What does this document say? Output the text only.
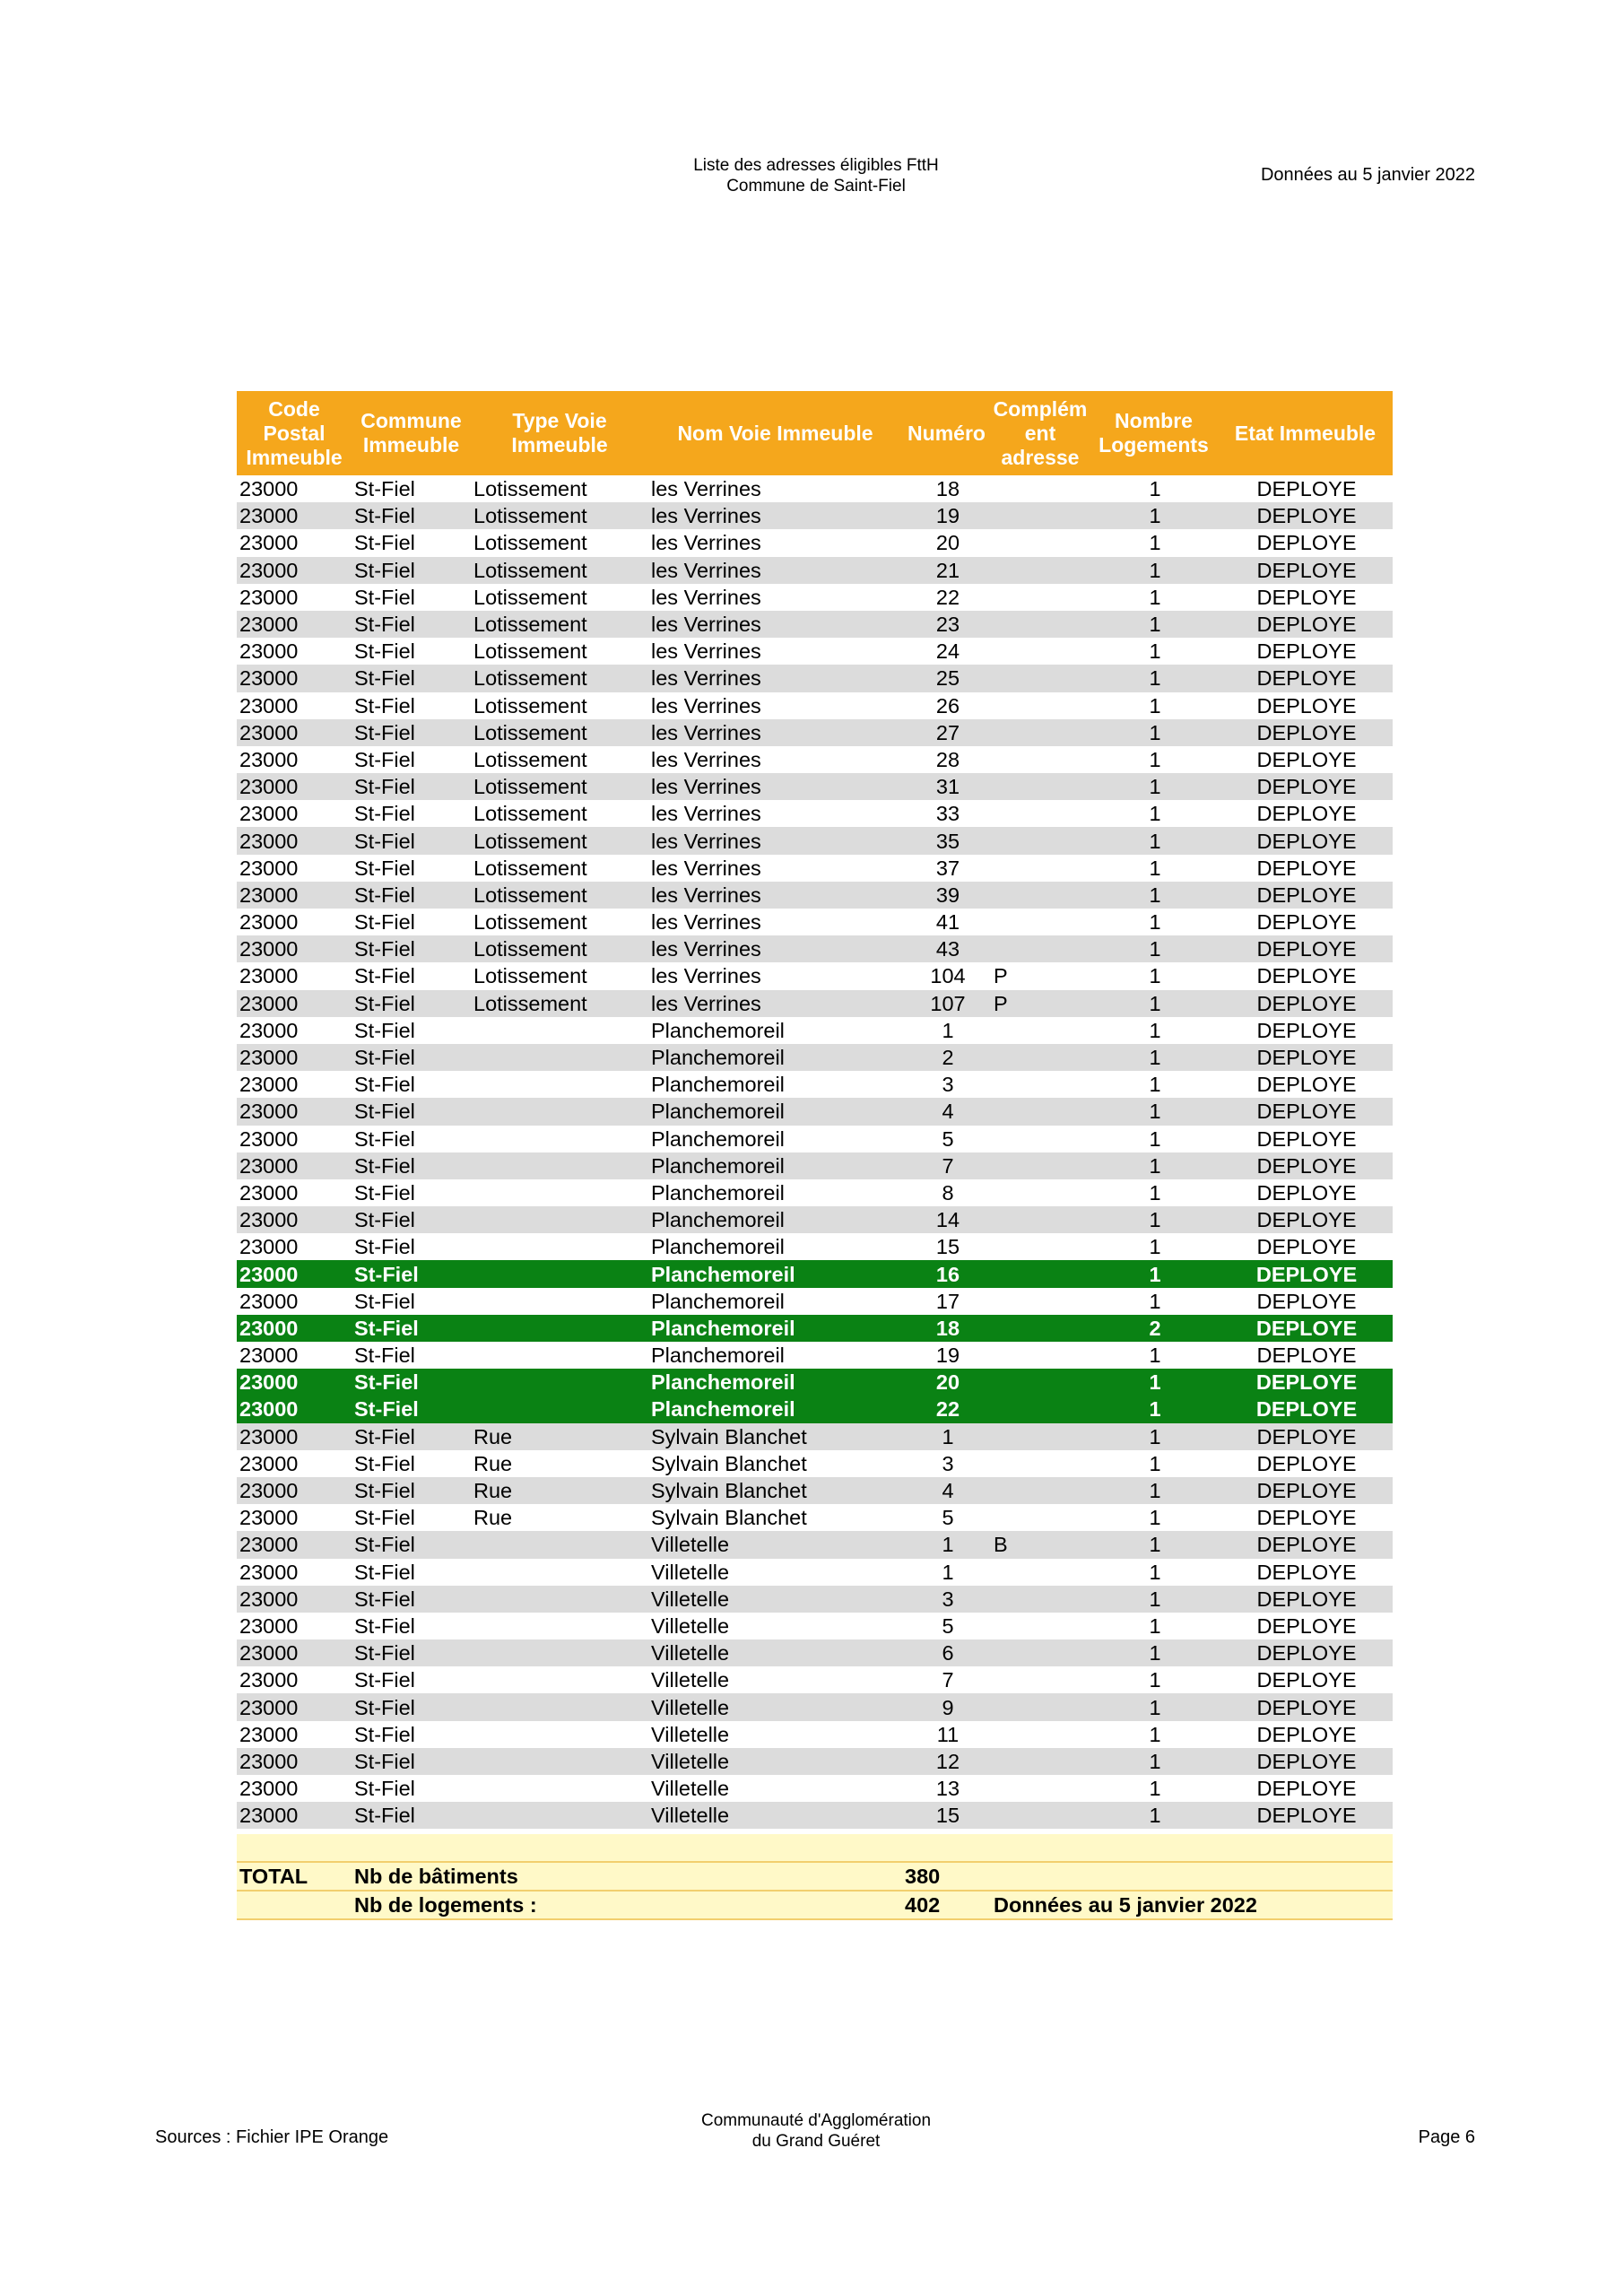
Liste des adresses éligibles FttH
Commune de Saint-Fiel
Données au 5 janvier 2022
Code Postal Immeuble	Commune Immeuble	Type Voie Immeuble	Nom Voie Immeuble	Numéro	Complém ent adresse	Nombre Logements	Etat Immeuble
23000	St-Fiel	Lotissement	les Verrines	18		1	DEPLOYE
23000	St-Fiel	Lotissement	les Verrines	19		1	DEPLOYE
23000	St-Fiel	Lotissement	les Verrines	20		1	DEPLOYE
23000	St-Fiel	Lotissement	les Verrines	21		1	DEPLOYE
23000	St-Fiel	Lotissement	les Verrines	22		1	DEPLOYE
23000	St-Fiel	Lotissement	les Verrines	23		1	DEPLOYE
23000	St-Fiel	Lotissement	les Verrines	24		1	DEPLOYE
23000	St-Fiel	Lotissement	les Verrines	25		1	DEPLOYE
23000	St-Fiel	Lotissement	les Verrines	26		1	DEPLOYE
23000	St-Fiel	Lotissement	les Verrines	27		1	DEPLOYE
23000	St-Fiel	Lotissement	les Verrines	28		1	DEPLOYE
23000	St-Fiel	Lotissement	les Verrines	31		1	DEPLOYE
23000	St-Fiel	Lotissement	les Verrines	33		1	DEPLOYE
23000	St-Fiel	Lotissement	les Verrines	35		1	DEPLOYE
23000	St-Fiel	Lotissement	les Verrines	37		1	DEPLOYE
23000	St-Fiel	Lotissement	les Verrines	39		1	DEPLOYE
23000	St-Fiel	Lotissement	les Verrines	41		1	DEPLOYE
23000	St-Fiel	Lotissement	les Verrines	43		1	DEPLOYE
23000	St-Fiel	Lotissement	les Verrines	104	P	1	DEPLOYE
23000	St-Fiel	Lotissement	les Verrines	107	P	1	DEPLOYE
23000	St-Fiel		Planchemoreil	1		1	DEPLOYE
23000	St-Fiel		Planchemoreil	2		1	DEPLOYE
23000	St-Fiel		Planchemoreil	3		1	DEPLOYE
23000	St-Fiel		Planchemoreil	4		1	DEPLOYE
23000	St-Fiel		Planchemoreil	5		1	DEPLOYE
23000	St-Fiel		Planchemoreil	7		1	DEPLOYE
23000	St-Fiel		Planchemoreil	8		1	DEPLOYE
23000	St-Fiel		Planchemoreil	14		1	DEPLOYE
23000	St-Fiel		Planchemoreil	15		1	DEPLOYE
23000	St-Fiel		Planchemoreil	16		1	DEPLOYE
23000	St-Fiel		Planchemoreil	17		1	DEPLOYE
23000	St-Fiel		Planchemoreil	18		2	DEPLOYE
23000	St-Fiel		Planchemoreil	19		1	DEPLOYE
23000	St-Fiel		Planchemoreil	20		1	DEPLOYE
23000	St-Fiel		Planchemoreil	22		1	DEPLOYE
23000	St-Fiel	Rue	Sylvain Blanchet	1		1	DEPLOYE
23000	St-Fiel	Rue	Sylvain Blanchet	3		1	DEPLOYE
23000	St-Fiel	Rue	Sylvain Blanchet	4		1	DEPLOYE
23000	St-Fiel	Rue	Sylvain Blanchet	5		1	DEPLOYE
23000	St-Fiel		Villetelle	1	B	1	DEPLOYE
23000	St-Fiel		Villetelle	1		1	DEPLOYE
23000	St-Fiel		Villetelle	3		1	DEPLOYE
23000	St-Fiel		Villetelle	5		1	DEPLOYE
23000	St-Fiel		Villetelle	6		1	DEPLOYE
23000	St-Fiel		Villetelle	7		1	DEPLOYE
23000	St-Fiel		Villetelle	9		1	DEPLOYE
23000	St-Fiel		Villetelle	11		1	DEPLOYE
23000	St-Fiel		Villetelle	12		1	DEPLOYE
23000	St-Fiel		Villetelle	13		1	DEPLOYE
23000	St-Fiel		Villetelle	15		1	DEPLOYE

TOTAL	Nb de bâtiments			380			
	Nb de logements :			402	Données au 5 janvier 2022		
Sources : Fichier IPE Orange
Communauté d'Agglomération
du Grand Guéret	Page 6
